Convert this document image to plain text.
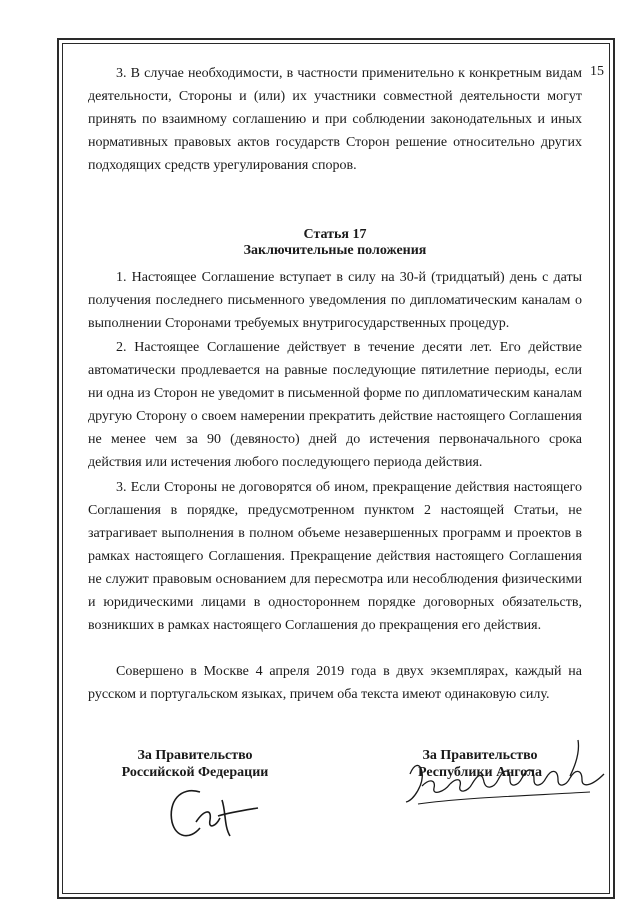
15

3. В случае необходимости, в частности применительно к конкретным видам деятельности, Стороны и (или) их участники совместной деятельности могут принять по взаимному соглашению и при соблюдении законодательных и иных нормативных правовых актов государств Сторон решение относительно других подходящих средств урегулирования споров.

Статья 17
Заключительные положения

1. Настоящее Соглашение вступает в силу на 30-й (тридцатый) день с даты получения последнего письменного уведомления по дипломатическим каналам о выполнении Сторонами требуемых внутригосударственных процедур.

2. Настоящее Соглашение действует в течение десяти лет. Его действие автоматически продлевается на равные последующие пятилетние периоды, если ни одна из Сторон не уведомит в письменной форме по дипломатическим каналам другую Сторону о своем намерении прекратить действие настоящего Соглашения не менее чем за 90 (девяносто) дней до истечения первоначального срока действия или истечения любого последующего периода действия.

3. Если Стороны не договорятся об ином, прекращение действия настоящего Соглашения в порядке, предусмотренном пунктом 2 настоящей Статьи, не затрагивает выполнения в полном объеме незавершенных программ и проектов в рамках настоящего Соглашения. Прекращение действия настоящего Соглашения не служит правовым основанием для пересмотра или несоблюдения физическими и юридическими лицами в одностороннем порядке договорных обязательств, возникших в рамках настоящего Соглашения до прекращения его действия.

Совершено в Москве 4 апреля 2019 года в двух экземплярах, каждый на русском и португальском языках, причем оба текста имеют одинаковую силу.

За Правительство
Российской Федерации
За Правительство
Республики Ангола
